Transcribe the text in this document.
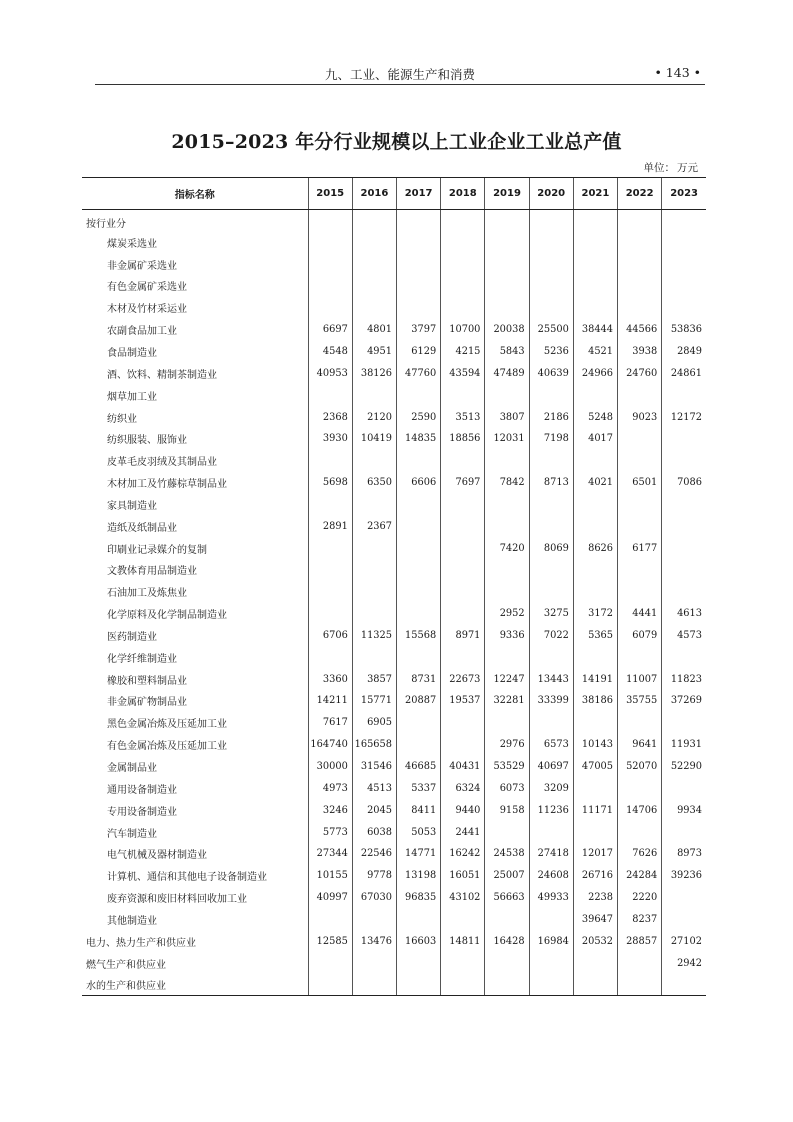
九、工业、能源生产和消费	• 143 •
2015–2023 年分行业规模以上工业企业工业总产值
单位： 万元
指标名称	2015	2016	2017	2018	2019	2020	2021	2022	2023
按行业分									
煤炭采选业									
非金属矿采选业									
有色金属矿采选业									
木材及竹材采运业									
农副食品加工业	6697	4801	3797	10700	20038	25500	38444	44566	53836
食品制造业	4548	4951	6129	4215	5843	5236	4521	3938	2849
酒、饮料、精制茶制造业	40953	38126	47760	43594	47489	40639	24966	24760	24861
烟草加工业									
纺织业	2368	2120	2590	3513	3807	2186	5248	9023	12172
纺织服装、服饰业	3930	10419	14835	18856	12031	7198	4017		
皮革毛皮羽绒及其制品业									
木材加工及竹藤棕草制品业	5698	6350	6606	7697	7842	8713	4021	6501	7086
家具制造业									
造纸及纸制品业	2891	2367							
印刷业记录媒介的复制					7420	8069	8626	6177	
文教体育用品制造业									
石油加工及炼焦业									
化学原料及化学制品制造业					2952	3275	3172	4441	4613
医药制造业	6706	11325	15568	8971	9336	7022	5365	6079	4573
化学纤维制造业									
橡胶和塑料制品业	3360	3857	8731	22673	12247	13443	14191	11007	11823
非金属矿物制品业	14211	15771	20887	19537	32281	33399	38186	35755	37269
黑色金属冶炼及压延加工业	7617	6905							
有色金属冶炼及压延加工业	164740	165658			2976	6573	10143	9641	11931
金属制品业	30000	31546	46685	40431	53529	40697	47005	52070	52290
通用设备制造业	4973	4513	5337	6324	6073	3209			
专用设备制造业	3246	2045	8411	9440	9158	11236	11171	14706	9934
汽车制造业	5773	6038	5053	2441					
电气机械及器材制造业	27344	22546	14771	16242	24538	27418	12017	7626	8973
计算机、通信和其他电子设备制造业	10155	9778	13198	16051	25007	24608	26716	24284	39236
废弃资源和废旧材料回收加工业	40997	67030	96835	43102	56663	49933	2238	2220	
其他制造业							39647	8237	
电力、热力生产和供应业	12585	13476	16603	14811	16428	16984	20532	28857	27102
燃气生产和供应业									2942
水的生产和供应业									
